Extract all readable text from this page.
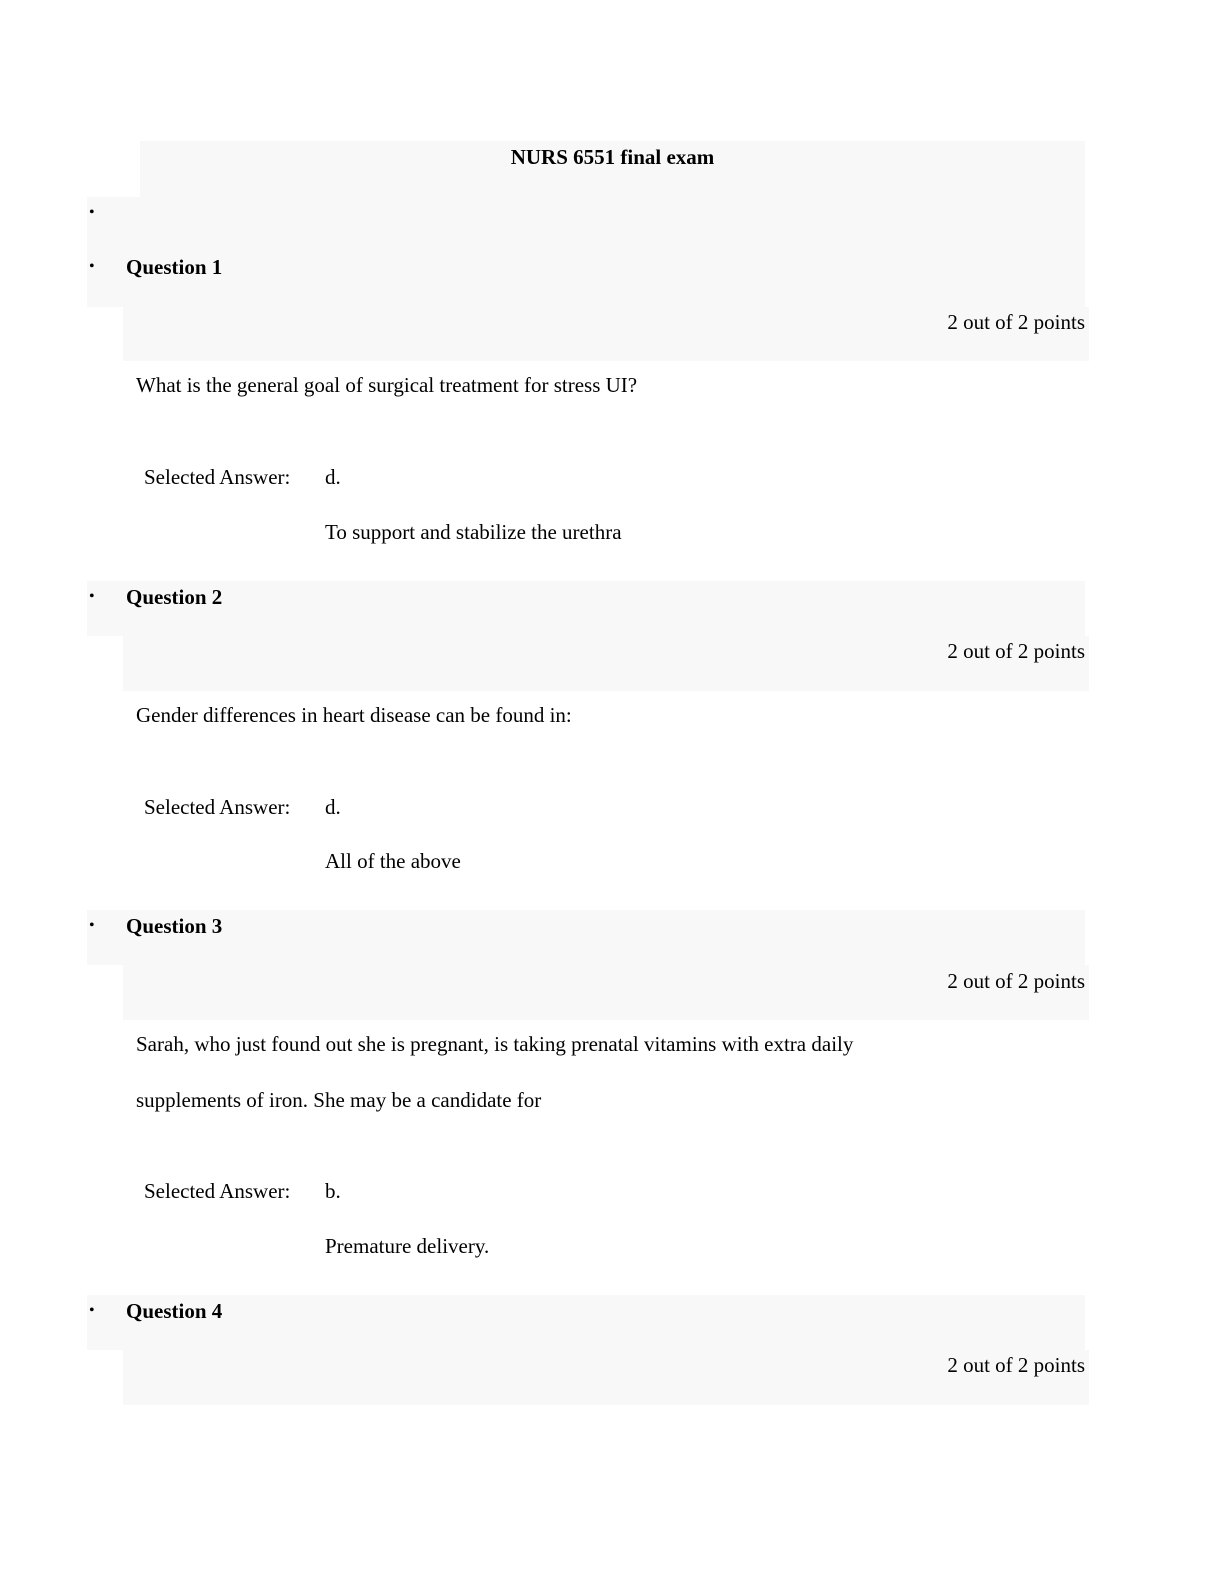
NURS 6551 final exam
•
• Question 1
2 out of 2 points
What is the general goal of surgical treatment for stress UI?
Selected Answer: d.
To support and stabilize the urethra
• Question 2
2 out of 2 points
Gender differences in heart disease can be found in:
Selected Answer: d.
All of the above
• Question 3
2 out of 2 points
Sarah, who just found out she is pregnant, is taking prenatal vitamins with extra daily
supplements of iron. She may be a candidate for
Selected Answer: b.
Premature delivery.
• Question 4
2 out of 2 points
